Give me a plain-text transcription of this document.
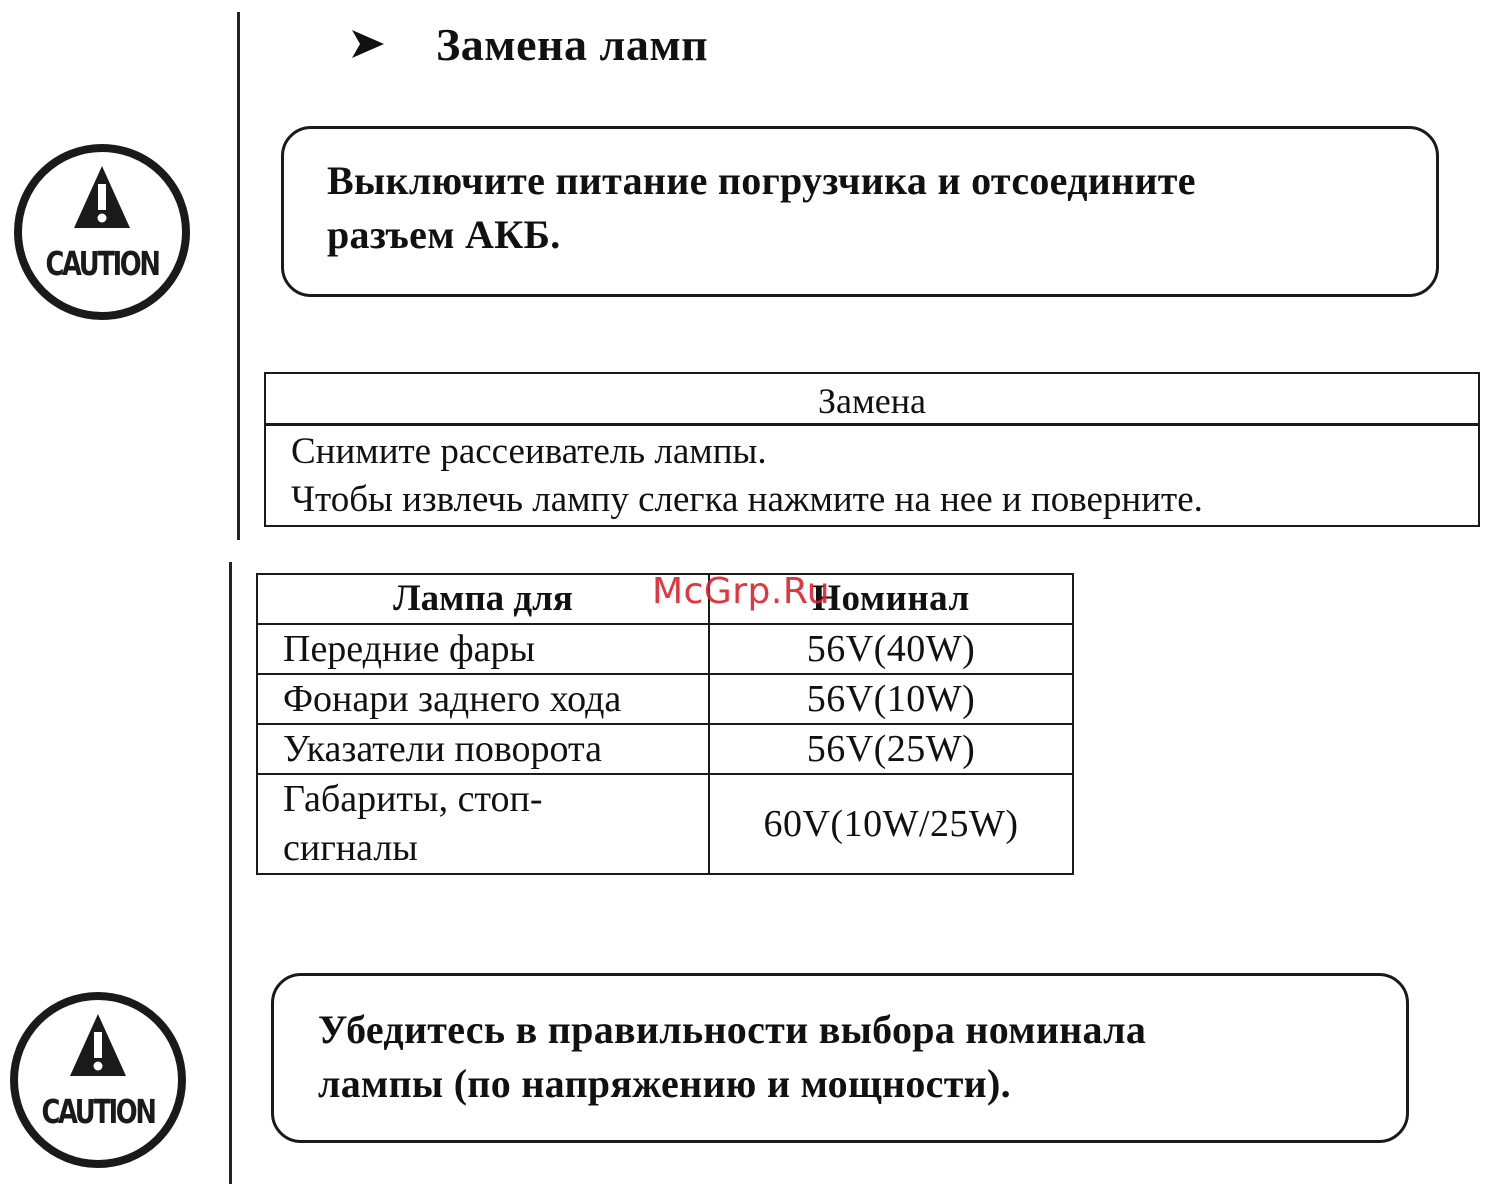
CAUTION
CAUTION
Замена ламп
Выключите питание погрузчика и отсоедините
разъем АКБ.
Замена
Снимите рассеиватель лампы.
Чтобы извлечь лампу слегка нажмите на нее и поверните.
Лампа для	Номинал
Передние фары	56V(40W)
Фонари заднего хода	56V(10W)
Указатели поворота	56V(25W)

Габариты, стоп-
сигналы	60V(10W/25W)
McGrp.Ru
Убедитесь в правильности выбора номинала
лампы (по напряжению и мощности).
